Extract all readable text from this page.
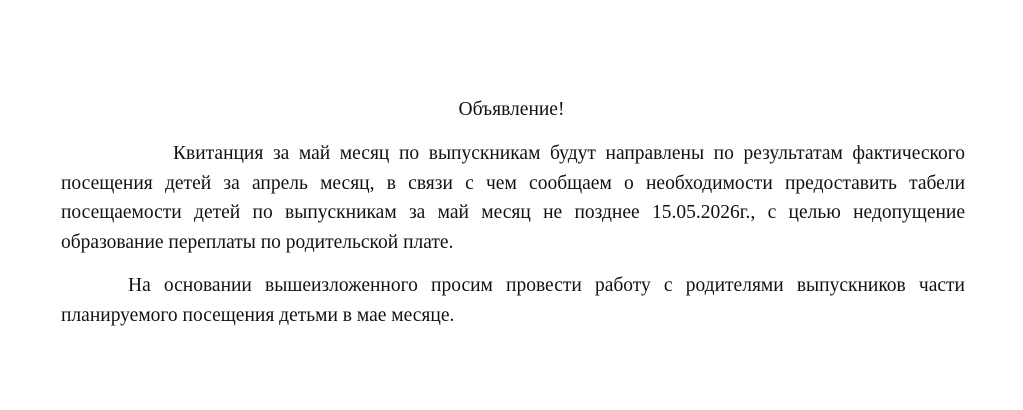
Объявление!

Квитанция за май месяц по выпускникам будут направлены по результатам фактического посещения детей за апрель месяц, в связи с чем сообщаем о необходимости предоставить табели посещаемости детей по выпускникам за май месяц не позднее 15.05.2026г., с целью недопущение образование переплаты по родительской плате.

На основании вышеизложенного просим провести работу с родителями выпускников части планируемого посещения детьми в мае месяце.
